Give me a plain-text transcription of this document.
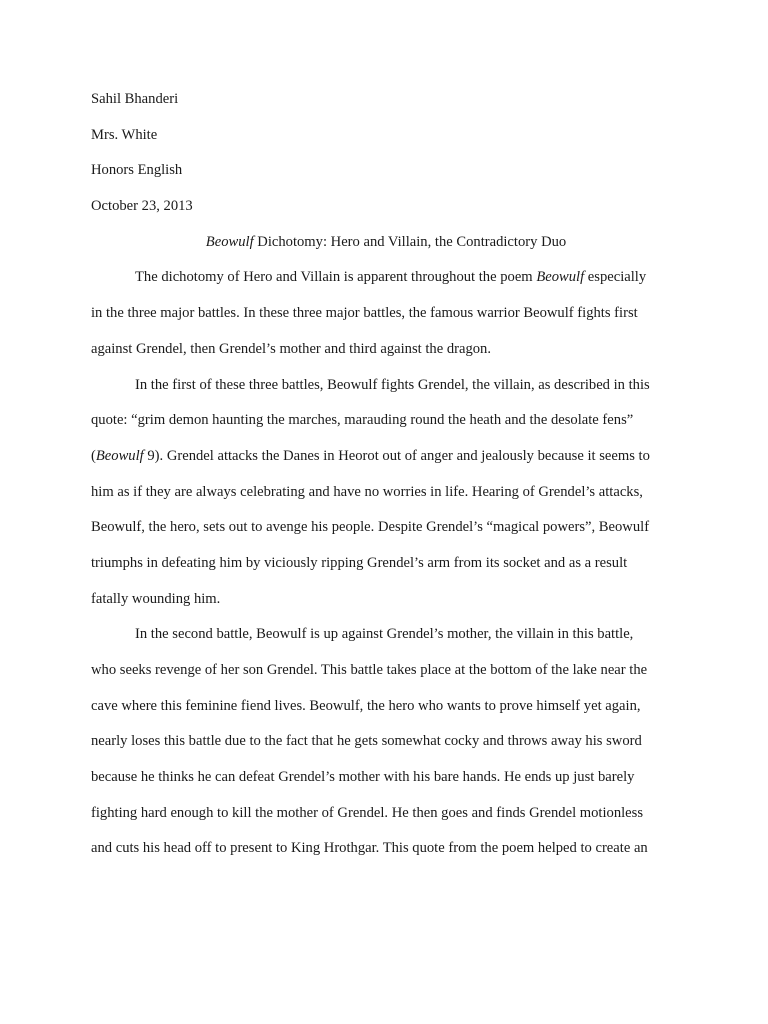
Sahil Bhanderi
Mrs. White
Honors English
October 23, 2013
Beowulf Dichotomy: Hero and Villain, the Contradictory Duo
The dichotomy of Hero and Villain is apparent throughout the poem Beowulf especially
in the three major battles. In these three major battles, the famous warrior Beowulf fights first
against Grendel, then Grendel’s mother and third against the dragon.
In the first of these three battles, Beowulf fights Grendel, the villain, as described in this
quote: “grim demon haunting the marches, marauding round the heath and the desolate fens”
(Beowulf 9). Grendel attacks the Danes in Heorot out of anger and jealously because it seems to
him as if they are always celebrating and have no worries in life. Hearing of Grendel’s attacks,
Beowulf, the hero, sets out to avenge his people. Despite Grendel’s “magical powers”, Beowulf
triumphs in defeating him by viciously ripping Grendel’s arm from its socket and as a result
fatally wounding him.
In the second battle, Beowulf is up against Grendel’s mother, the villain in this battle,
who seeks revenge of her son Grendel. This battle takes place at the bottom of the lake near the
cave where this feminine fiend lives. Beowulf, the hero who wants to prove himself yet again,
nearly loses this battle due to the fact that he gets somewhat cocky and throws away his sword
because he thinks he can defeat Grendel’s mother with his bare hands. He ends up just barely
fighting hard enough to kill the mother of Grendel. He then goes and finds Grendel motionless
and cuts his head off to present to King Hrothgar. This quote from the poem helped to create an
